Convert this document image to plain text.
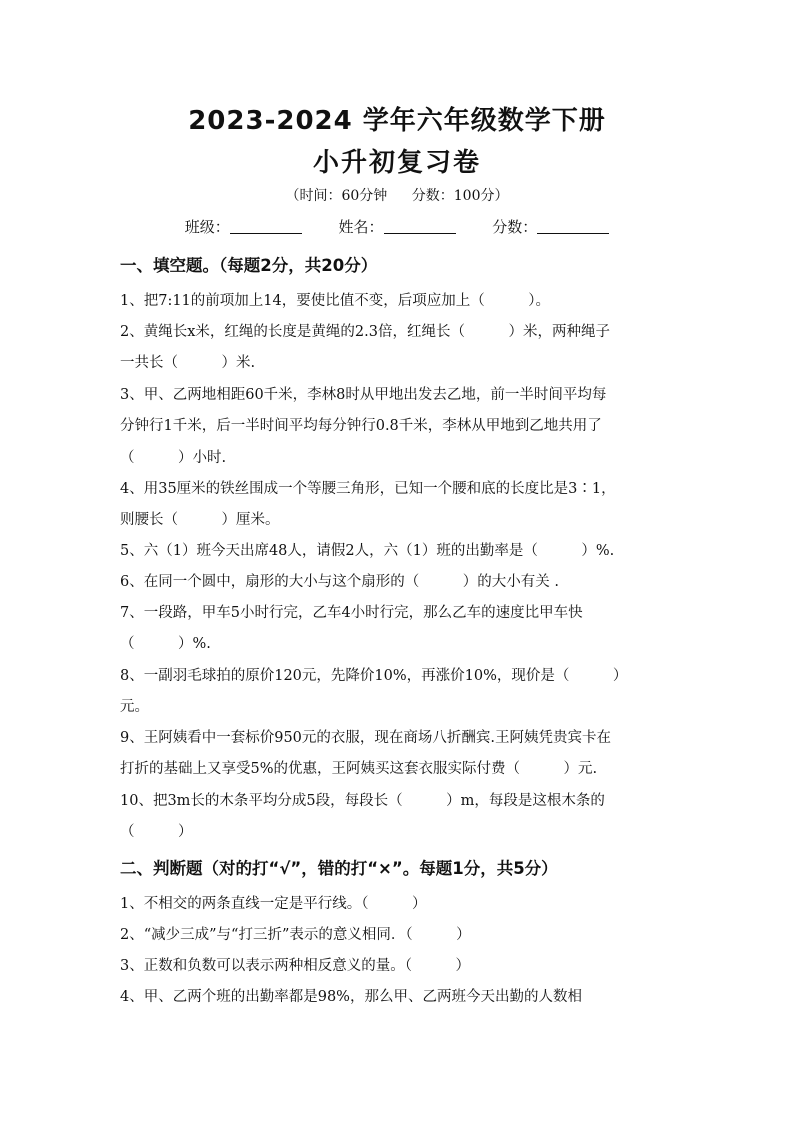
2023-2024 学年六年级数学下册
小升初复习卷
（时间：60分钟 分数：100分）
班级：	姓名：	分数：
一、填空题。（每题2分，共20分）
1、把7:11的前项加上14，要使比值不变，后项应加上（　　　）。
2、黄绳长x米，红绳的长度是黄绳的2.3倍，红绳长（　　　）米，两种绳子
一共长（　　　）米.
3、甲、乙两地相距60千米，李林8时从甲地出发去乙地，前一半时间平均每
分钟行1千米，后一半时间平均每分钟行0.8千米，李林从甲地到乙地共用了
（　　　）小时.
4、用35厘米的铁丝围成一个等腰三角形，已知一个腰和底的长度比是3∶1，
则腰长（　　　）厘米。
5、六（1）班今天出席48人，请假2人，六（1）班的出勤率是（　　　）%.
6、在同一个圆中，扇形的大小与这个扇形的（　　　）的大小有关 .
7、一段路，甲车5小时行完，乙车4小时行完，那么乙车的速度比甲车快
（　　　）%.
8、一副羽毛球拍的原价120元，先降价10%，再涨价10%，现价是（　　　）
元。
9、王阿姨看中一套标价950元的衣服，现在商场八折酬宾.王阿姨凭贵宾卡在
打折的基础上又享受5%的优惠，王阿姨买这套衣服实际付费（　　　）元.
10、把3m长的木条平均分成5段，每段长（　　　）m，每段是这根木条的
（　　　）
二、判断题（对的打“√”，错的打“×”。每题1分，共5分）
1、不相交的两条直线一定是平行线。（　　　）
2、“减少三成”与“打三折”表示的意义相同．（　　　）
3、正数和负数可以表示两种相反意义的量。（　　　）
4、甲、乙两个班的出勤率都是98%，那么甲、乙两班今天出勤的人数相
